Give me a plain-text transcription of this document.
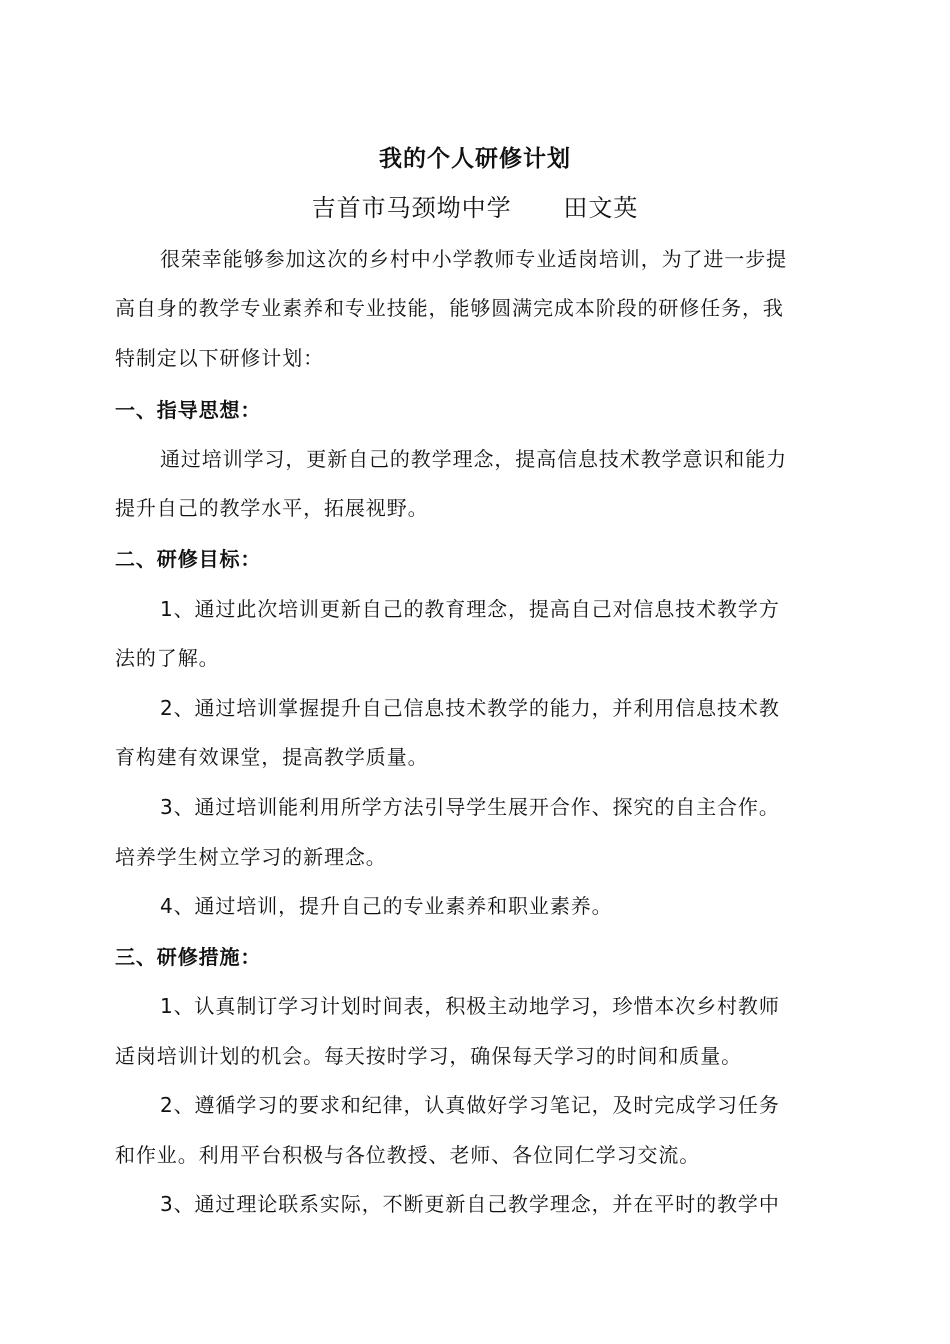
我的个人研修计划
吉首市马颈坳中学      田文英
很荣幸能够参加这次的乡村中小学教师专业适岗培训，为了进一步提
高自身的教学专业素养和专业技能，能够圆满完成本阶段的研修任务，我
特制定以下研修计划：
一、指导思想：
通过培训学习，更新自己的教学理念，提高信息技术教学意识和能力
提升自己的教学水平，拓展视野。
二、研修目标：
1、通过此次培训更新自己的教育理念，提高自己对信息技术教学方
法的了解。
2、通过培训掌握提升自己信息技术教学的能力，并利用信息技术教
育构建有效课堂，提高教学质量。
3、通过培训能利用所学方法引导学生展开合作、探究的自主合作。
培养学生树立学习的新理念。
4、通过培训，提升自己的专业素养和职业素养。
三、研修措施：
1、认真制订学习计划时间表，积极主动地学习，珍惜本次乡村教师
适岗培训计划的机会。每天按时学习，确保每天学习的时间和质量。
2、遵循学习的要求和纪律，认真做好学习笔记，及时完成学习任务
和作业。利用平台积极与各位教授、老师、各位同仁学习交流。
3、通过理论联系实际，不断更新自己教学理念，并在平时的教学中
